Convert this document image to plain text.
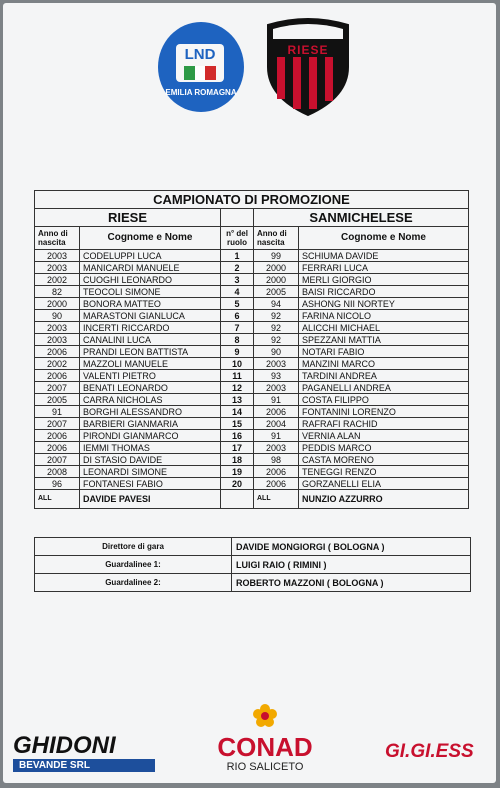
LND
EMILIA ROMAGNA
RIESE
CAMPIONATO DI PROMOZIONE				
RIESE			SANMICHELESE	
Anno di nascita	Cognome e Nome	n° del ruolo	Anno di nascita	Cognome e Nome
2003	CODELUPPI LUCA	1	99	SCHIUMA DAVIDE
2003	MANICARDI MANUELE	2	2000	FERRARI LUCA
2002	CUOGHI LEONARDO	3	2000	MERLI GIORGIO
82	TEOCOLI SIMONE	4	2005	BAISI RICCARDO
2000	BONORA MATTEO	5	94	ASHONG NII NORTEY
90	MARASTONI GIANLUCA	6	92	FARINA NICOLO
2003	INCERTI RICCARDO	7	92	ALICCHI MICHAEL
2003	CANALINI LUCA	8	92	SPEZZANI MATTIA
2006	PRANDI LEON BATTISTA	9	90	NOTARI FABIO
2002	MAZZOLI MANUELE	10	2003	MANZINI MARCO
2006	VALENTI PIETRO	11	93	TARDINI ANDREA
2007	BENATI LEONARDO	12	2003	PAGANELLI ANDREA
2005	CARRA NICHOLAS	13	91	COSTA FILIPPO
91	BORGHI ALESSANDRO	14	2006	FONTANINI LORENZO
2007	BARBIERI GIANMARIA	15	2004	RAFRAFI RACHID
2006	PIRONDI GIANMARCO	16	91	VERNIA ALAN
2006	IEMMI THOMAS	17	2003	PEDDIS MARCO
2007	DI STASIO DAVIDE	18	98	CASTA MORENO
2008	LEONARDI SIMONE	19	2006	TENEGGI RENZO
96	FONTANESI FABIO	20	2006	GORZANELLI ELIA
ALL	DAVIDE PAVESI		ALL	NUNZIO AZZURRO
Direttore di gara	DAVIDE MONGIORGI ( BOLOGNA )
Guardalinee 1:	LUIGI RAIO ( RIMINI )
Guardalinee 2:	ROBERTO MAZZONI ( BOLOGNA )
GHIDONI
BEVANDE SRL
CONAD
RIO SALICETO
GI.GI.ESS
